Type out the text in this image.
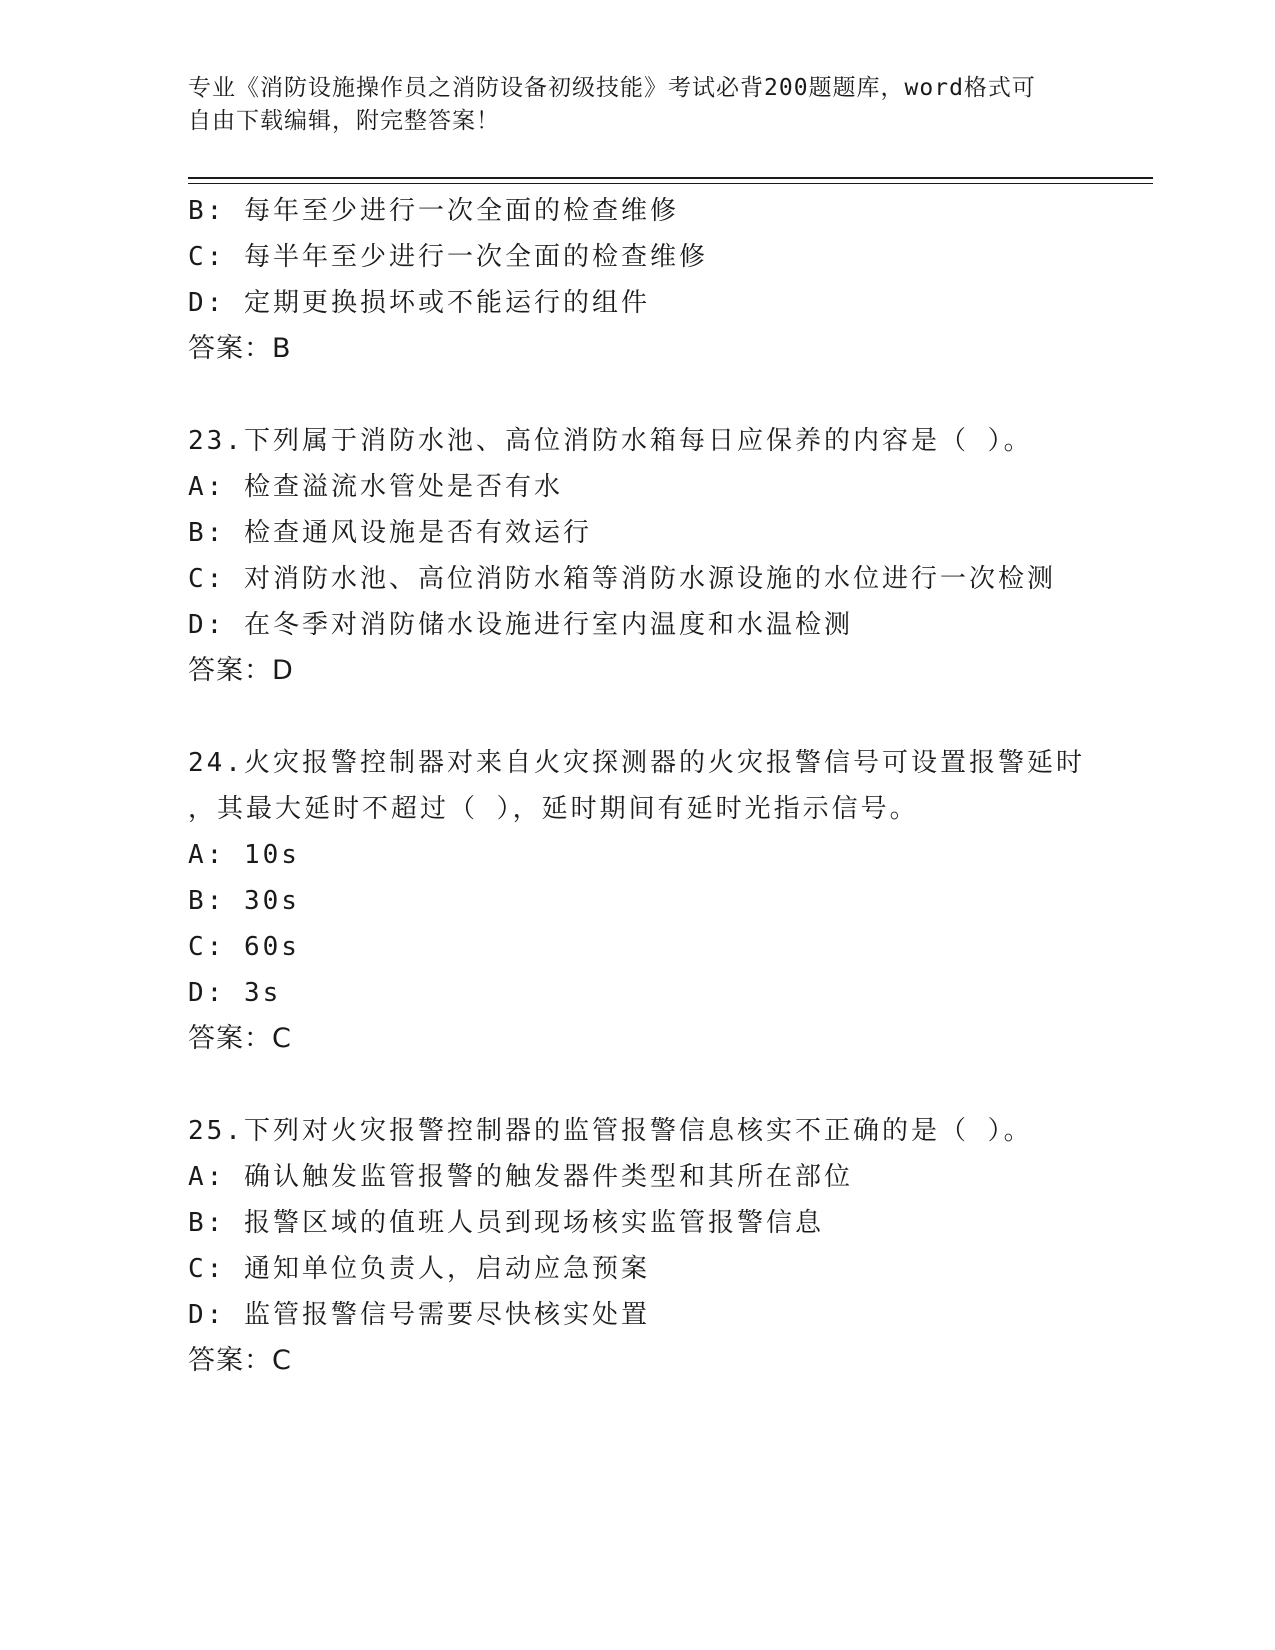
专业《消防设施操作员之消防设备初级技能》考试必背200题题库，word格式可
自由下载编辑，附完整答案！
B: 每年至少进行一次全面的检查维修
C: 每半年至少进行一次全面的检查维修
D: 定期更换损坏或不能运行的组件
答案：B
23.下列属于消防水池、高位消防水箱每日应保养的内容是（ ）。
A: 检查溢流水管处是否有水
B: 检查通风设施是否有效运行
C: 对消防水池、高位消防水箱等消防水源设施的水位进行一次检测
D: 在冬季对消防储水设施进行室内温度和水温检测
答案：D
24.火灾报警控制器对来自火灾探测器的火灾报警信号可设置报警延时
，其最大延时不超过（ ），延时期间有延时光指示信号。
A: 10s
B: 30s
C: 60s
D: 3s
答案：C
25.下列对火灾报警控制器的监管报警信息核实不正确的是（ ）。
A: 确认触发监管报警的触发器件类型和其所在部位
B: 报警区域的值班人员到现场核实监管报警信息
C: 通知单位负责人，启动应急预案
D: 监管报警信号需要尽快核实处置
答案：C
